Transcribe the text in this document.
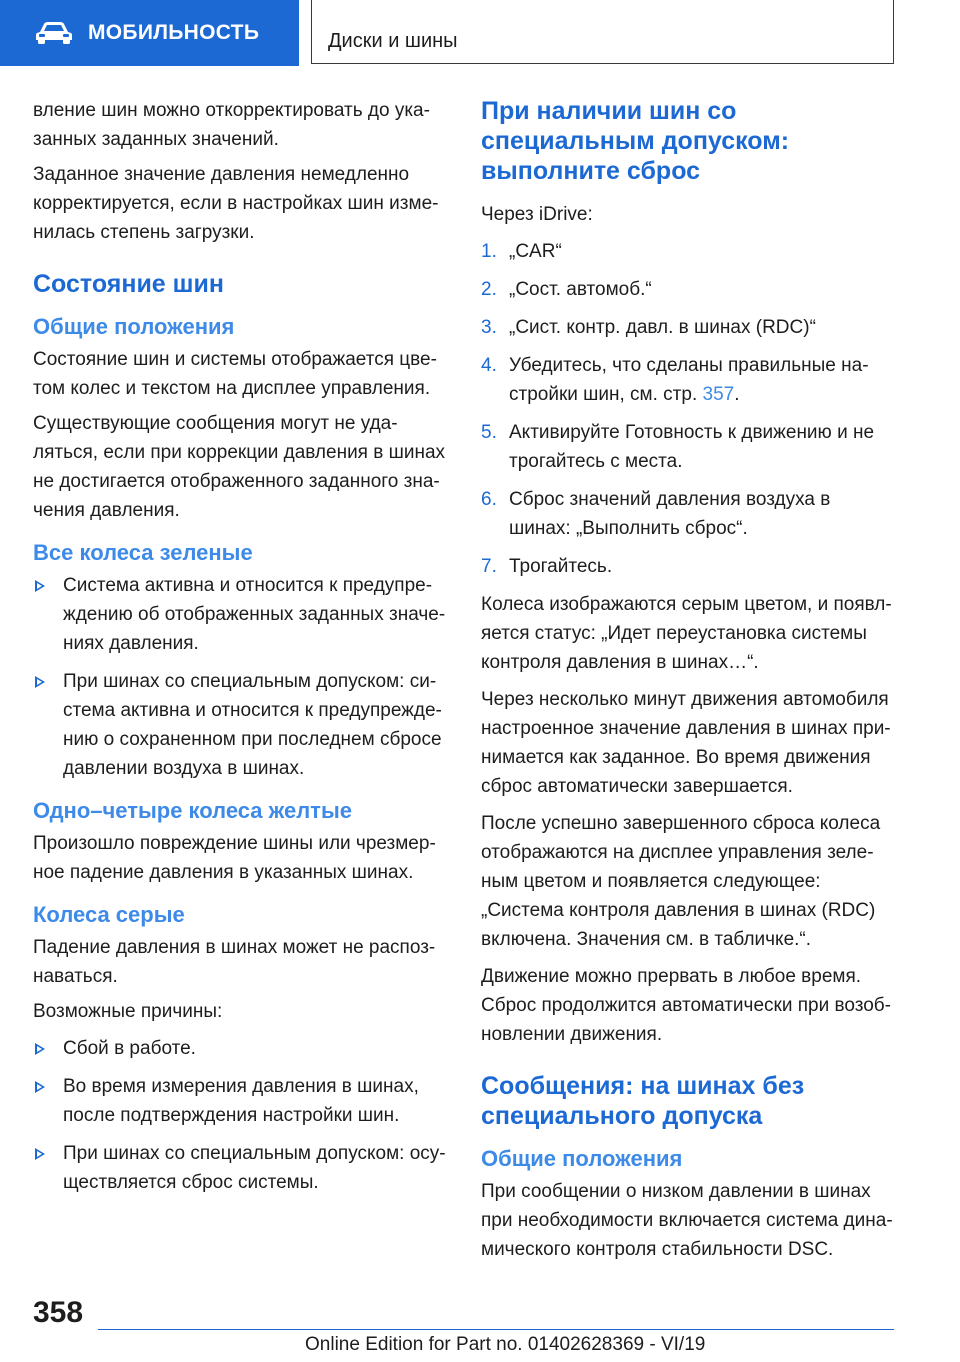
МОБИЛЬНОСТЬ	Диски и шины

вление шин можно откорректировать до ука-занных заданных значений.

Заданное значение давления немедленно корректируется, если в настройках шин изме-нилась степень загрузки.

Состояние шин
Общие положения

Состояние шин и системы отображается цве-том колес и текстом на дисплее управления.

Существующие сообщения могут не уда-ляться, если при коррекции давления в шинах не достигается отображенного заданного зна-чения давления.

Все колеса зеленые
Система активна и относится к предупре-ждению об отображенных заданных значе-ниях давления.
При шинах со специальным допуском: си-стема активна и относится к предупрежде-нию о сохраненном при последнем сбросе давлении воздуха в шинах.
Одно–четыре колеса желтые

Произошло повреждение шины или чрезмер-ное падение давления в указанных шинах.

Колеса серые

Падение давления в шинах может не распоз-наваться.

Возможные причины:

Сбой в работе.
Во время измерения давления в шинах, после подтверждения настройки шин.
При шинах со специальным допуском: осу-ществляется сброс системы.
При наличии шин со специальным допуском: выполните сброс

Через iDrive:

1. „CAR“
2. „Сост. автомоб.“
3. „Сист. контр. давл. в шинах (RDC)“
4. Убедитесь, что сделаны правильные на-стройки шин, см. стр. 357.
5. Активируйте Готовность к движению и не трогайтесь с места.
6. Сброс значений давления воздуха в шинах: „Выполнить сброс“.
7. Трогайтесь.

Колеса изображаются серым цветом, и появл-яется статус: „Идет переустановка системы контроля давления в шинах…“.

Через несколько минут движения автомобиля настроенное значение давления в шинах при-нимается как заданное. Во время движения сброс автоматически завершается.

После успешно завершенного сброса колеса отображаются на дисплее управления зеле-ным цветом и появляется следующее: „Система контроля давления в шинах (RDC) включена. Значения см. в табличке.“.

Движение можно прервать в любое время. Сброс продолжится автоматически при возоб-новлении движения.

Сообщения: на шинах без специального допуска
Общие положения

При сообщении о низком давлении в шинах при необходимости включается система дина-мического контроля стабильности DSC.

358
Online Edition for Part no. 01402628369 - VI/19
